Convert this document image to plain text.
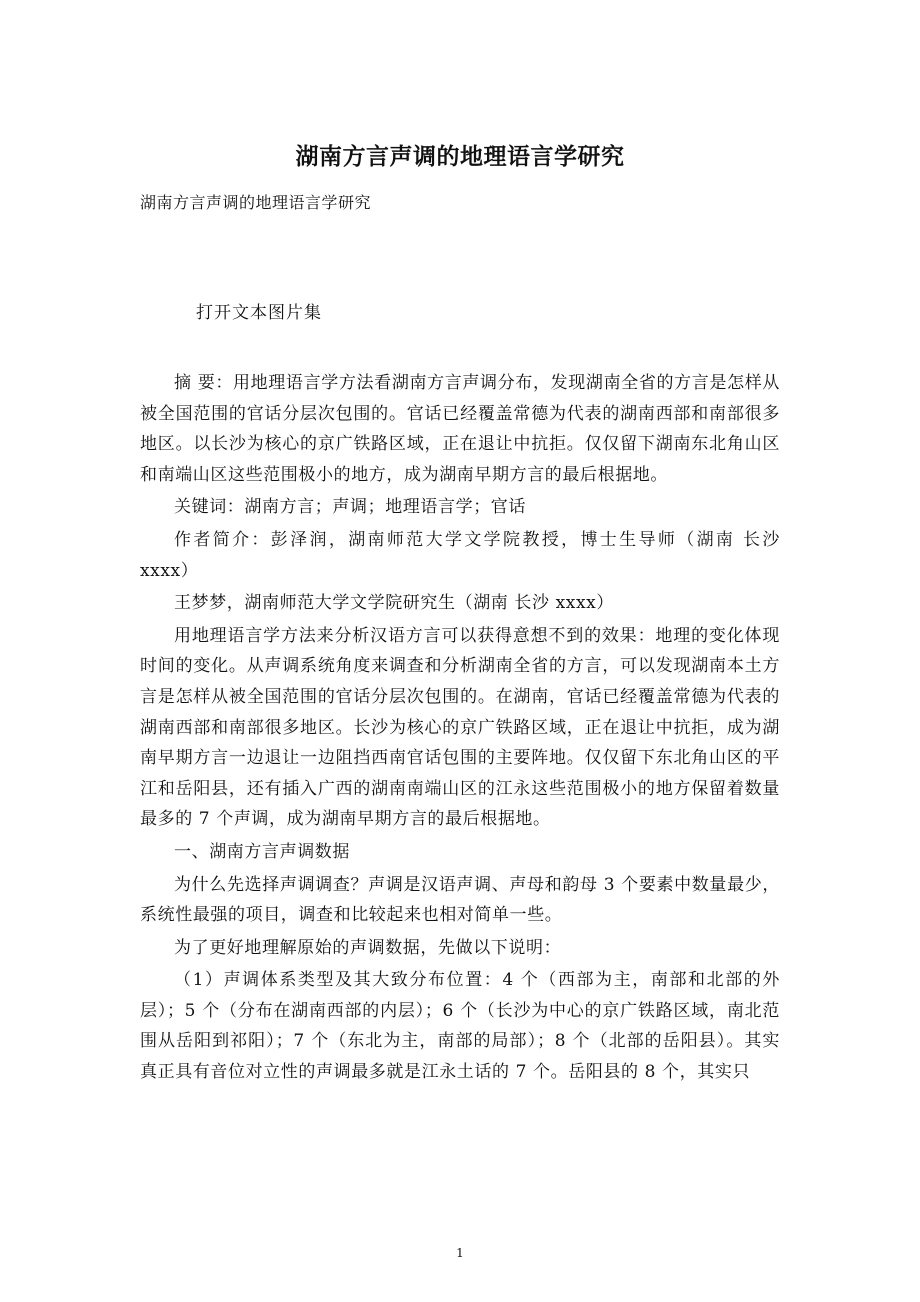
湖南方言声调的地理语言学研究
湖南方言声调的地理语言学研究
打开文本图片集

摘 要：用地理语言学方法看湖南方言声调分布，发现湖南全省的方言是怎样从被全国范围的官话分层次包围的。官话已经覆盖常德为代表的湖南西部和南部很多地区。以长沙为核心的京广铁路区域，正在退让中抗拒。仅仅留下湖南东北角山区和南端山区这些范围极小的地方，成为湖南早期方言的最后根据地。

关键词：湖南方言；声调；地理语言学；官话

作者简介：彭泽润，湖南师范大学文学院教授，博士生导师（湖南 长沙 xxxx）

王梦梦，湖南师范大学文学院研究生（湖南 长沙 xxxx）

用地理语言学方法来分析汉语方言可以获得意想不到的效果：地理的变化体现时间的变化。从声调系统角度来调查和分析湖南全省的方言，可以发现湖南本土方言是怎样从被全国范围的官话分层次包围的。在湖南，官话已经覆盖常德为代表的湖南西部和南部很多地区。长沙为核心的京广铁路区域，正在退让中抗拒，成为湖南早期方言一边退让一边阻挡西南官话包围的主要阵地。仅仅留下东北角山区的平江和岳阳县，还有插入广西的湖南南端山区的江永这些范围极小的地方保留着数量最多的 7 个声调，成为湖南早期方言的最后根据地。

一、湖南方言声调数据

为什么先选择声调调查？声调是汉语声调、声母和韵母 3 个要素中数量最少，系统性最强的项目，调查和比较起来也相对简单一些。

为了更好地理解原始的声调数据，先做以下说明：

（1）声调体系类型及其大致分布位置：4 个（西部为主，南部和北部的外层）；5 个（分布在湖南西部的内层）；6 个（长沙为中心的京广铁路区域，南北范围从岳阳到祁阳）；7 个（东北为主，南部的局部）；8 个（北部的岳阳县）。其实真正具有音位对立性的声调最多就是江永土话的 7 个。岳阳县的 8 个，其实只

1
